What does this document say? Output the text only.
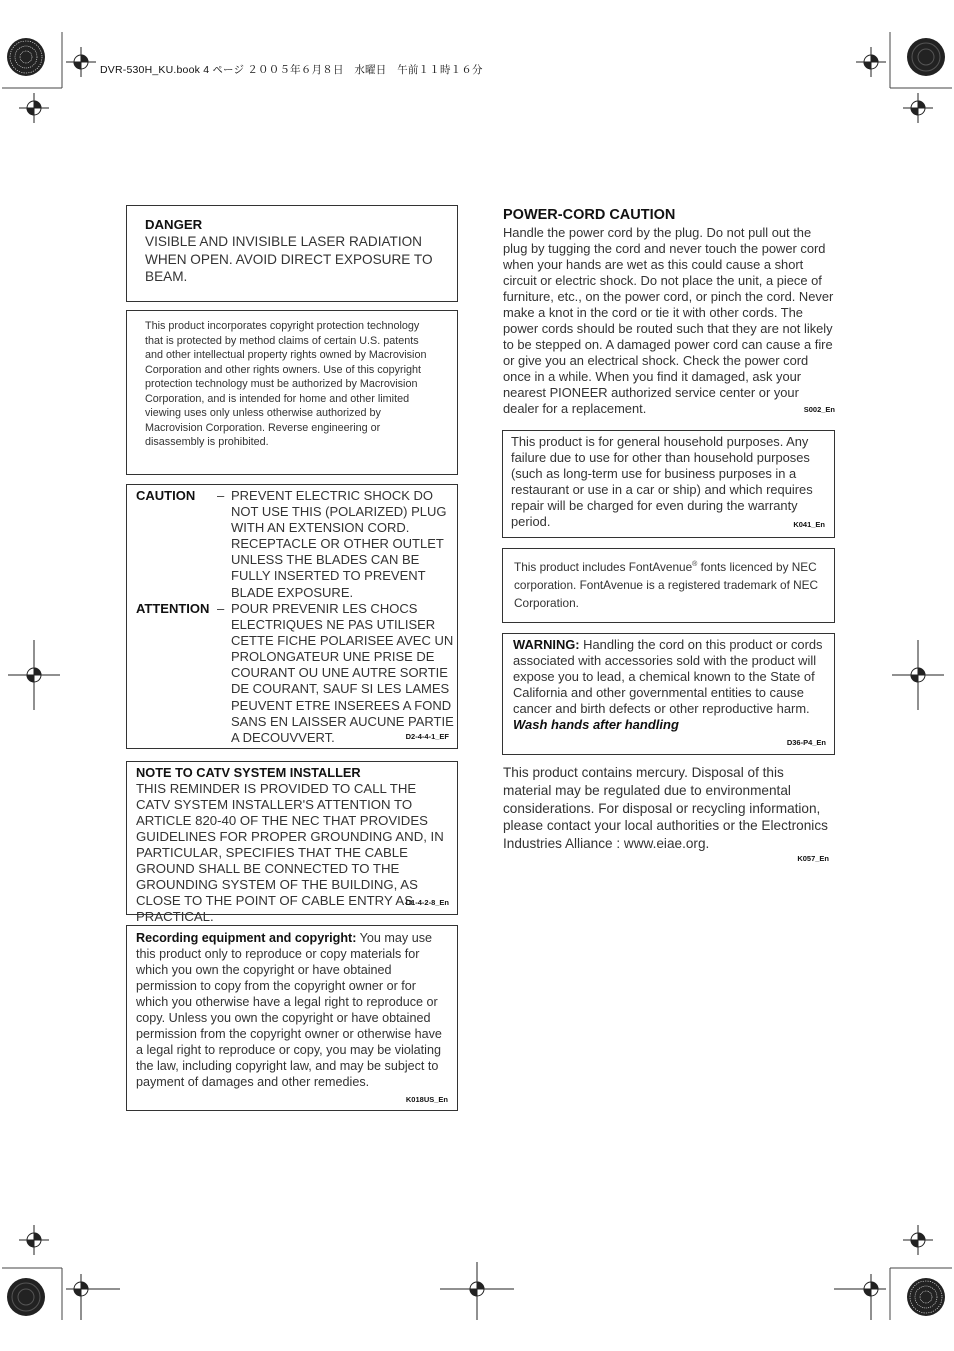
DVR-530H_KU.book 4 ページ ２００５年６月８日　水曜日　午前１１時１６分
DANGER
VISIBLE AND INVISIBLE LASER RADIATION WHEN OPEN. AVOID DIRECT EXPOSURE TO BEAM.
This product incorporates copyright protection technology that is protected by method claims of certain U.S. patents and other intellectual property rights owned by Macrovision Corporation and other rights owners. Use of this copyright protection technology must be authorized by Macrovision Corporation, and is intended for home and other limited viewing uses only unless otherwise authorized by Macrovision Corporation. Reverse engineering or disassembly is prohibited.
CAUTION – PREVENT ELECTRIC SHOCK DO NOT USE THIS (POLARIZED) PLUG WITH AN EXTENSION CORD. RECEPTACLE OR OTHER OUTLET UNLESS THE BLADES CAN BE FULLY INSERTED TO PREVENT BLADE EXPOSURE.
ATTENTION – POUR PREVENIR LES CHOCS ELECTRIQUES NE PAS UTILISER CETTE FICHE POLARISEE AVEC UN PROLONGATEUR UNE PRISE DE COURANT OU UNE AUTRE SORTIE DE COURANT, SAUF SI LES LAMES PEUVENT ETRE INSEREES A FOND SANS EN LAISSER AUCUNE PARTIE A DECOUVVERT.	D2-4-4-1_EF
NOTE TO CATV SYSTEM INSTALLER
THIS REMINDER IS PROVIDED TO CALL THE CATV SYSTEM INSTALLER'S ATTENTION TO ARTICLE 820-40 OF THE NEC THAT PROVIDES GUIDELINES FOR PROPER GROUNDING AND, IN PARTICULAR, SPECIFIES THAT THE CABLE GROUND SHALL BE CONNECTED TO THE GROUNDING SYSTEM OF THE BUILDING, AS CLOSE TO THE POINT OF CABLE ENTRY AS PRACTICAL.
D1-4-2-8_En
Recording equipment and copyright: You may use this product only to reproduce or copy materials for which you own the copyright or have obtained permission to copy from the copyright owner or for which you otherwise have a legal right to reproduce or copy. Unless you own the copyright or have obtained permission from the copyright owner or otherwise have a legal right to reproduce or copy, you may be violating the law, including copyright law, and may be subject to payment of damages and other remedies.
K018US_En
POWER-CORD CAUTION
Handle the power cord by the plug. Do not pull out the plug by tugging the cord and never touch the power cord when your hands are wet as this could cause a short circuit or electric shock. Do not place the unit, a piece of furniture, etc., on the power cord, or pinch the cord. Never make a knot in the cord or tie it with other cords. The power cords should be routed such that they are not likely to be stepped on. A damaged power cord can cause a fire or give you an electrical shock. Check the power cord once in a while. When you find it damaged, ask your nearest PIONEER authorized service center or your dealer for a replacement.	S002_En
This product is for general household purposes. Any failure due to use for other than household purposes (such as long-term use for business purposes in a restaurant or use in a car or ship) and which requires repair will be charged for even during the warranty period.	K041_En
This product includes FontAvenue® fonts licenced by NEC corporation. FontAvenue is a registered trademark of NEC Corporation.
WARNING: Handling the cord on this product or cords associated with accessories sold with the product will expose you to lead, a chemical known to the State of California and other governmental entities to cause cancer and birth defects or other reproductive harm.
Wash hands after handling
D36-P4_En
This product contains mercury. Disposal of this material may be regulated due to environmental considerations. For disposal or recycling information, please contact your local authorities or the Electronics Industries Alliance : www.eiae.org.
K057_En
